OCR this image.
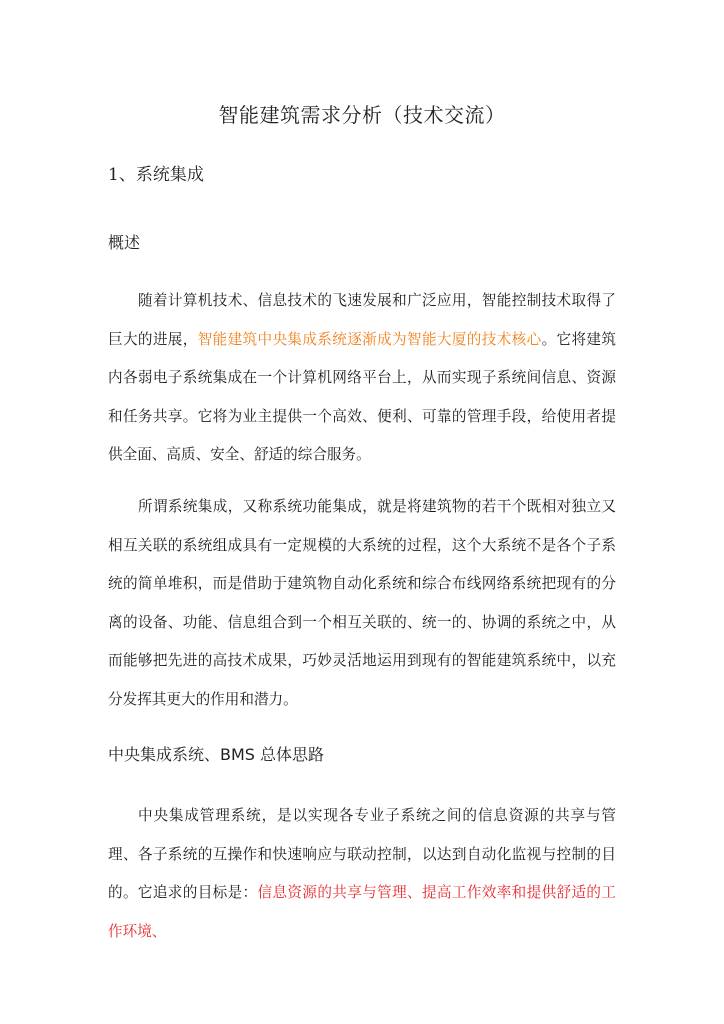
智能建筑需求分析（技术交流）
1、系统集成
概述

随着计算机技术、信息技术的飞速发展和广泛应用，智能控制技术取得了巨大的进展，智能建筑中央集成系统逐渐成为智能大厦的技术核心。它将建筑内各弱电子系统集成在一个计算机网络平台上，从而实现子系统间信息、资源和任务共享。它将为业主提供一个高效、便利、可靠的管理手段，给使用者提供全面、高质、安全、舒适的综合服务。

所谓系统集成，又称系统功能集成，就是将建筑物的若干个既相对独立又相互关联的系统组成具有一定规模的大系统的过程，这个大系统不是各个子系统的简单堆积，而是借助于建筑物自动化系统和综合布线网络系统把现有的分离的设备、功能、信息组合到一个相互关联的、统一的、协调的系统之中，从而能够把先进的高技术成果，巧妙灵活地运用到现有的智能建筑系统中，以充分发挥其更大的作用和潜力。

中央集成系统、BMS 总体思路

中央集成管理系统，是以实现各专业子系统之间的信息资源的共享与管理、各子系统的互操作和快速响应与联动控制，以达到自动化监视与控制的目的。它追求的目标是：信息资源的共享与管理、提高工作效率和提供舒适的工作环境、
